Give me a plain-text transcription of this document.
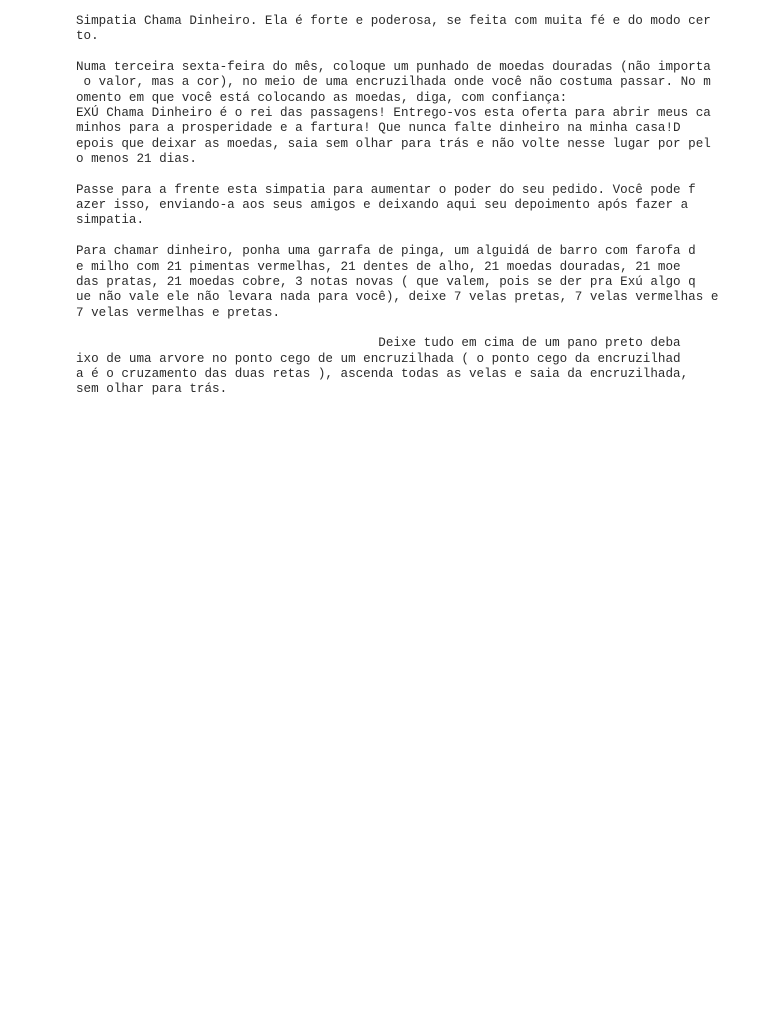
Simpatia Chama Dinheiro. Ela é forte e poderosa, se feita com muita fé e do modo cer
to.

Numa terceira sexta-feira do mês, coloque um punhado de moedas douradas (não importa
o valor, mas a cor), no meio de uma encruzilhada onde você não costuma passar. No m
omento em que você está colocando as moedas, diga, com confiança:
EXÚ Chama Dinheiro é o rei das passagens! Entrego-vos esta oferta para abrir meus ca
minhos para a prosperidade e a fartura! Que nunca falte dinheiro na minha casa!D
epois que deixar as moedas, saia sem olhar para trás e não volte nesse lugar por pel
o menos 21 dias.

Passe para a frente esta simpatia para aumentar o poder do seu pedido. Você pode f
azer isso, enviando-a aos seus amigos e deixando aqui seu depoimento após fazer a
simpatia.

Para chamar dinheiro, ponha uma garrafa de pinga, um alguidá de barro com farofa d
e milho com 21 pimentas vermelhas, 21 dentes de alho, 21 moedas douradas, 21 moe
das pratas, 21 moedas cobre, 3 notas novas ( que valem, pois se der pra Exú algo q
ue não vale ele não levara nada para você), deixe 7 velas pretas, 7 velas vermelhas e
7 velas vermelhas e pretas.

Deixe tudo em cima de um pano preto deba
ixo de uma arvore no ponto cego de um encruzilhada ( o ponto cego da encruzilhad
a é o cruzamento das duas retas ), ascenda todas as velas e saia da encruzilhada,
sem olhar para trás.
